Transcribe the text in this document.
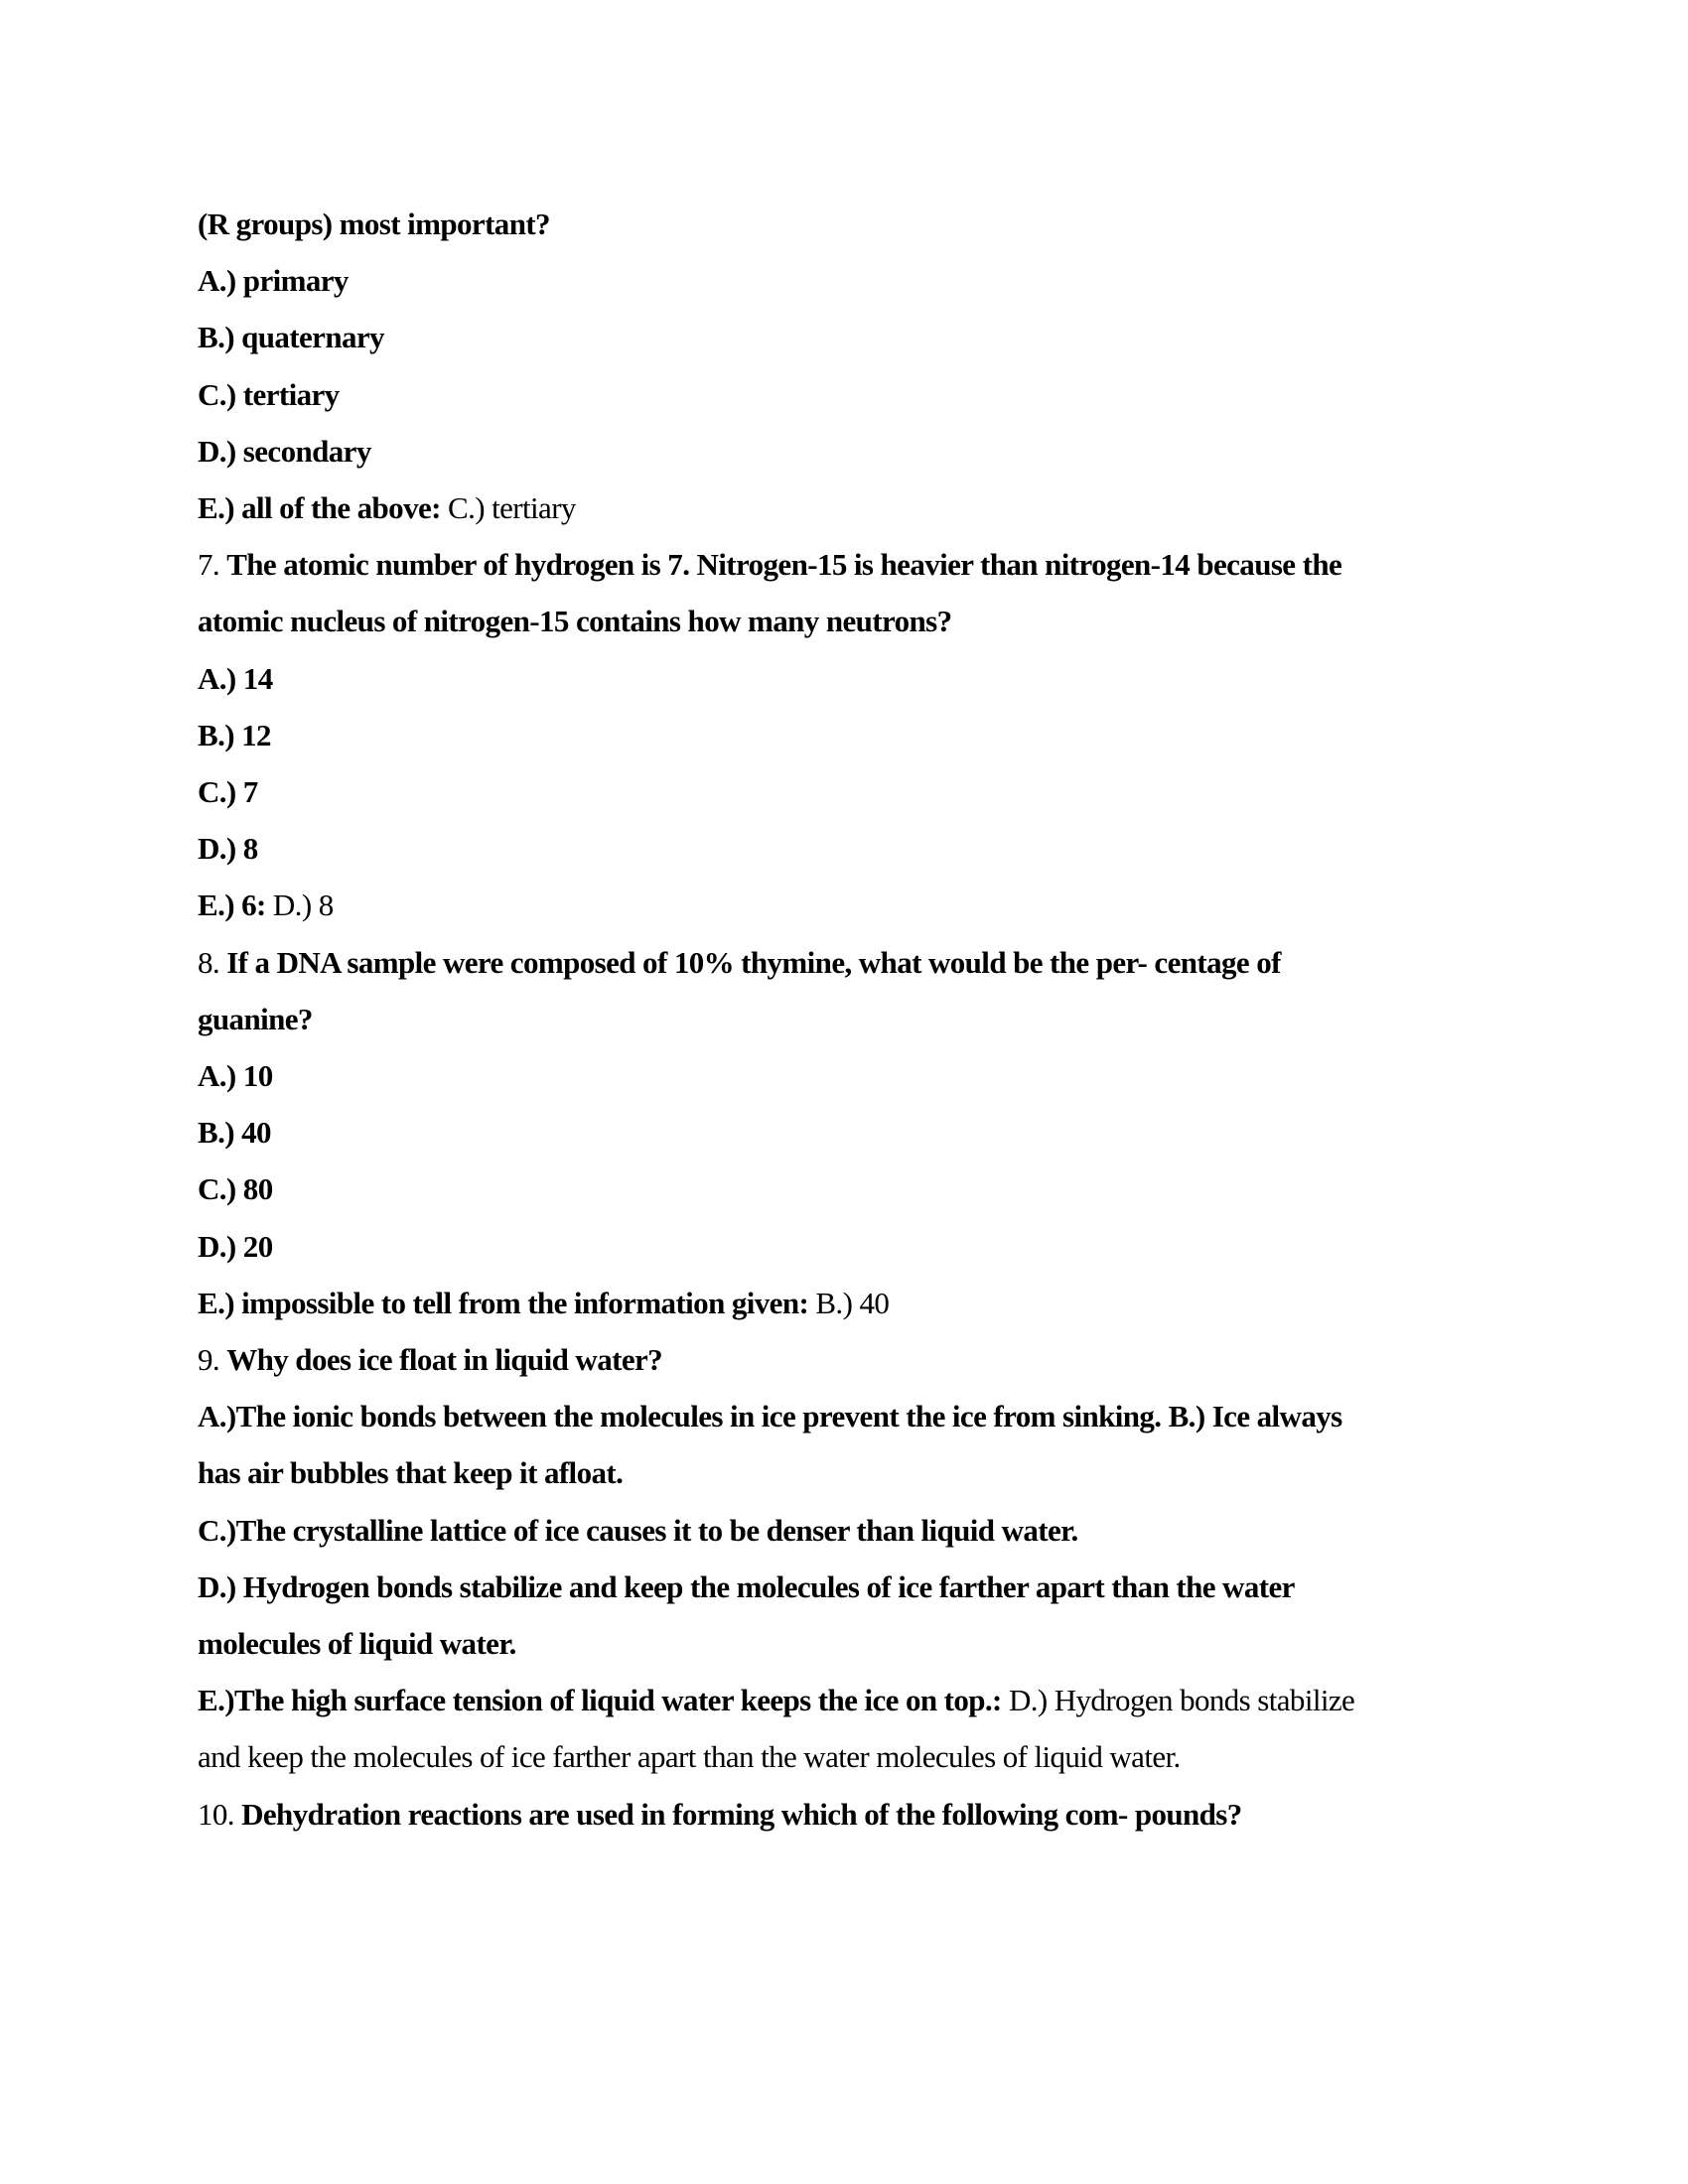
(R groups) most important?
A.) primary
B.) quaternary
C.) tertiary
D.) secondary
E.) all of the above: C.) tertiary
7. The atomic number of hydrogen is 7. Nitrogen-15 is heavier than nitrogen-14 because the
atomic nucleus of nitrogen-15 contains how many neutrons?
A.) 14
B.) 12
C.) 7
D.) 8
E.) 6: D.) 8
8. If a DNA sample were composed of 10% thymine, what would be the per- centage of
guanine?
A.) 10
B.) 40
C.) 80
D.) 20
E.) impossible to tell from the information given: B.) 40
9. Why does ice float in liquid water?
A.)The ionic bonds between the molecules in ice prevent the ice from sinking. B.) Ice always
has air bubbles that keep it afloat.
C.)The crystalline lattice of ice causes it to be denser than liquid water.
D.) Hydrogen bonds stabilize and keep the molecules of ice farther apart than the water
molecules of liquid water.
E.)The high surface tension of liquid water keeps the ice on top.: D.) Hydrogen bonds stabilize
and keep the molecules of ice farther apart than the water molecules of liquid water.
10. Dehydration reactions are used in forming which of the following com- pounds?
